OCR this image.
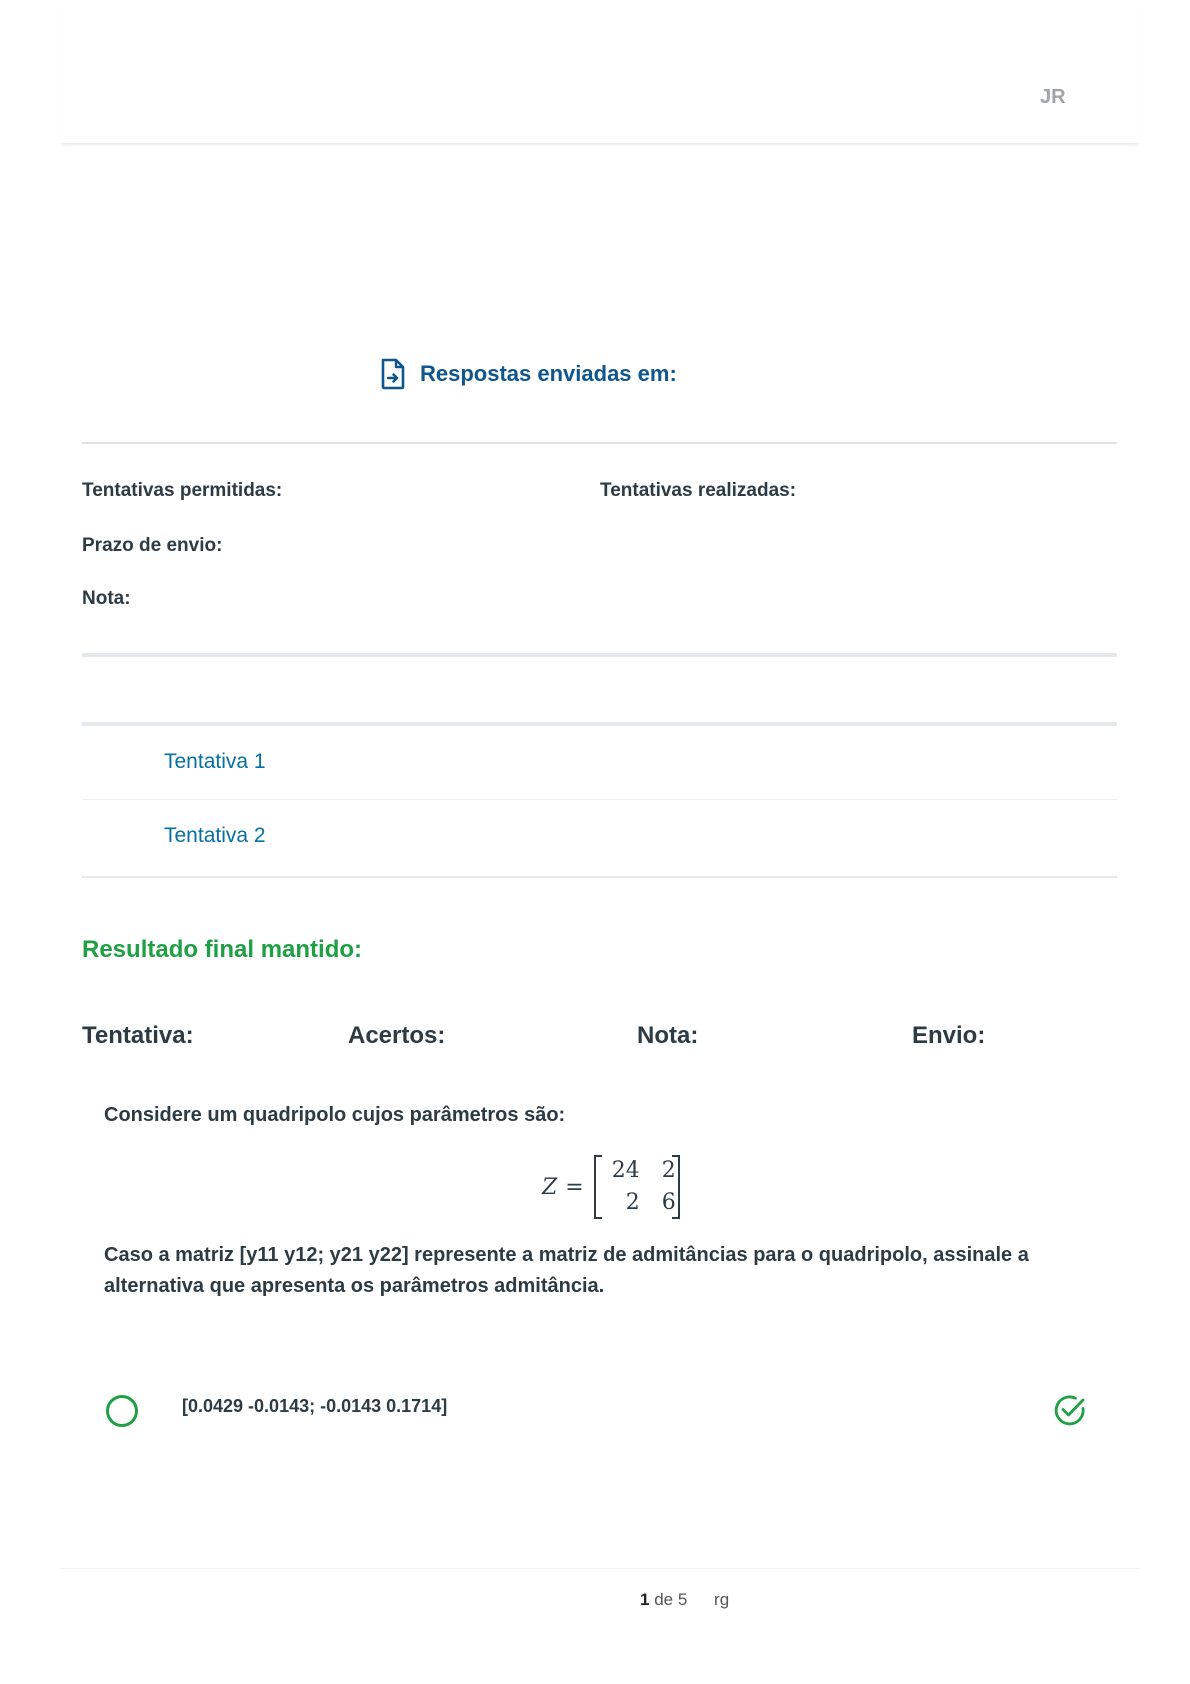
JR
Respostas enviadas em:
Tentativas permitidas:	Tentativas realizadas:
Prazo de envio:
Nota:
Tentativa 1
Tentativa 2
Resultado final mantido:
Tentativa:	Acertos:	Nota:	Envio:
Considere um quadripolo cujos parâmetros são:
Z =
24	2
2	6
Caso a matriz [y11 y12; y21 y22] represente a matriz de admitâncias para o quadripolo, assinale a alternativa que apresenta os parâmetros admitância.
[0.0429 -0.0143; -0.0143 0.1714]
1 de 5 rg
